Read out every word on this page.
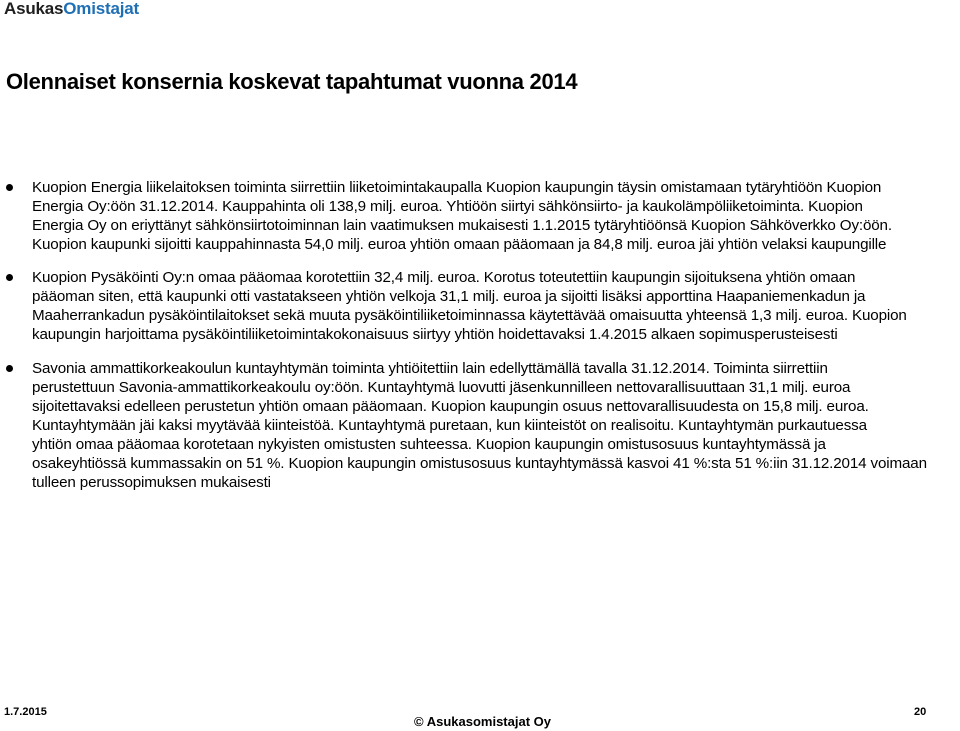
AsukasOmistajat
Olennaiset konsernia koskevat tapahtumat vuonna 2014

Kuopion Energia liikelaitoksen toiminta siirrettiin liiketoimintakaupalla Kuopion kaupungin täysin omistamaan tytäryhtiöön Kuopion
Energia Oy:öön 31.12.2014. Kauppahinta oli 138,9 milj. euroa. Yhtiöön siirtyi sähkönsiirto- ja kaukolämpöliiketoiminta. Kuopion
Energia Oy on eriyttänyt sähkönsiirtotoiminnan lain vaatimuksen mukaisesti 1.1.2015 tytäryhtiöönsä Kuopion Sähköverkko Oy:öön.
Kuopion kaupunki sijoitti kauppahinnasta 54,0 milj. euroa yhtiön omaan pääomaan ja 84,8 milj. euroa jäi yhtiön velaksi kaupungille

Kuopion Pysäköinti Oy:n omaa pääomaa korotettiin 32,4 milj. euroa. Korotus toteutettiin kaupungin sijoituksena yhtiön omaan
pääoman siten, että kaupunki otti vastatakseen yhtiön velkoja 31,1 milj. euroa ja sijoitti lisäksi apporttina Haapaniemenkadun ja
Maaherrankadun pysäköintilaitokset sekä muuta pysäköintiliiketoiminnassa käytettävää omaisuutta yhteensä 1,3 milj. euroa. Kuopion
kaupungin harjoittama pysäköintiliiketoimintakokonaisuus siirtyy yhtiön hoidettavaksi 1.4.2015 alkaen sopimusperusteisesti

Savonia ammattikorkeakoulun kuntayhtymän toiminta yhtiöitettiin lain edellyttämällä tavalla 31.12.2014. Toiminta siirrettiin
perustettuun Savonia-ammattikorkeakoulu oy:öön. Kuntayhtymä luovutti jäsenkunnilleen nettovarallisuuttaan 31,1 milj. euroa
sijoitettavaksi edelleen perustetun yhtiön omaan pääomaan. Kuopion kaupungin osuus nettovarallisuudesta on 15,8 milj. euroa.
Kuntayhtymään jäi kaksi myytävää kiinteistöä. Kuntayhtymä puretaan, kun kiinteistöt on realisoitu. Kuntayhtymän purkautuessa
yhtiön omaa pääomaa korotetaan nykyisten omistusten suhteessa. Kuopion kaupungin omistusosuus kuntayhtymässä ja
osakeyhtiössä kummassakin on 51 %. Kuopion kaupungin omistusosuus kuntayhtymässä kasvoi 41 %:sta 51 %:iin 31.12.2014 voimaan
tulleen perussopimuksen mukaisesti

1.7.2015
© Asukasomistajat Oy
20
